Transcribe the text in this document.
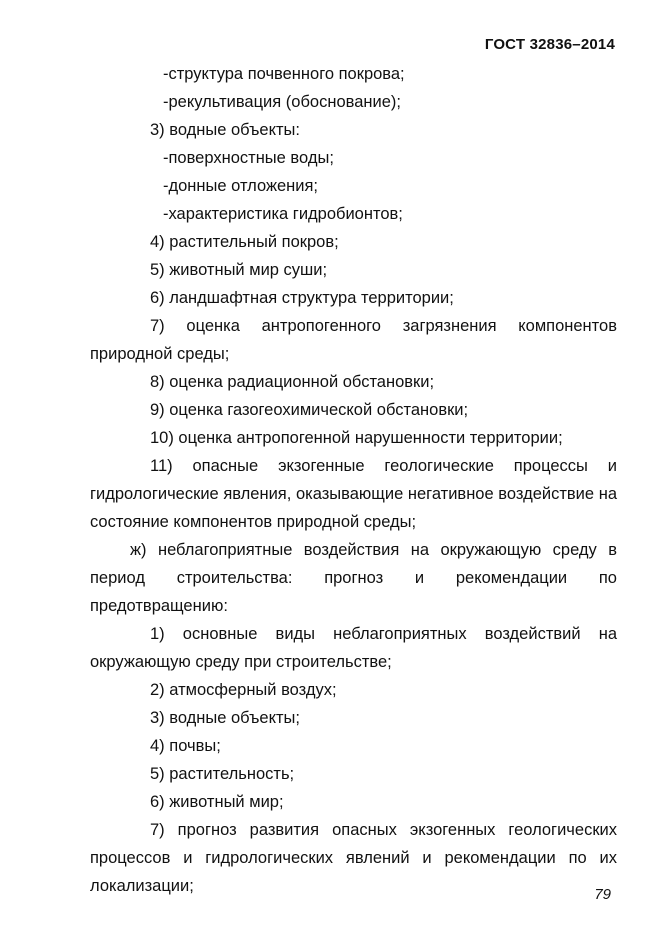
ГОСТ 32836–2014

-структура почвенного покрова;

-рекультивация (обоснование);

3) водные объекты:

-поверхностные воды;

-донные отложения;

-характеристика гидробионтов;

4) растительный покров;

5) животный мир суши;

6) ландшафтная структура территории;

7) оценка антропогенного загрязнения компонентов природной среды;

8) оценка радиационной обстановки;

9) оценка газогеохимической обстановки;

10) оценка антропогенной нарушенности территории;

11) опасные экзогенные геологические процессы и гидрологические явления, оказывающие негативное воздействие на состояние компонентов природной среды;

ж) неблагоприятные воздействия на окружающую среду в период строительства: прогноз и рекомендации по предотвращению:

1) основные виды неблагоприятных воздействий на окружающую среду при строительстве;

2) атмосферный воздух;

3) водные объекты;

4) почвы;

5) растительность;

6) животный мир;

7) прогноз развития опасных экзогенных геологических процессов и гидрологических явлений и рекомендации по их локализации;	79
